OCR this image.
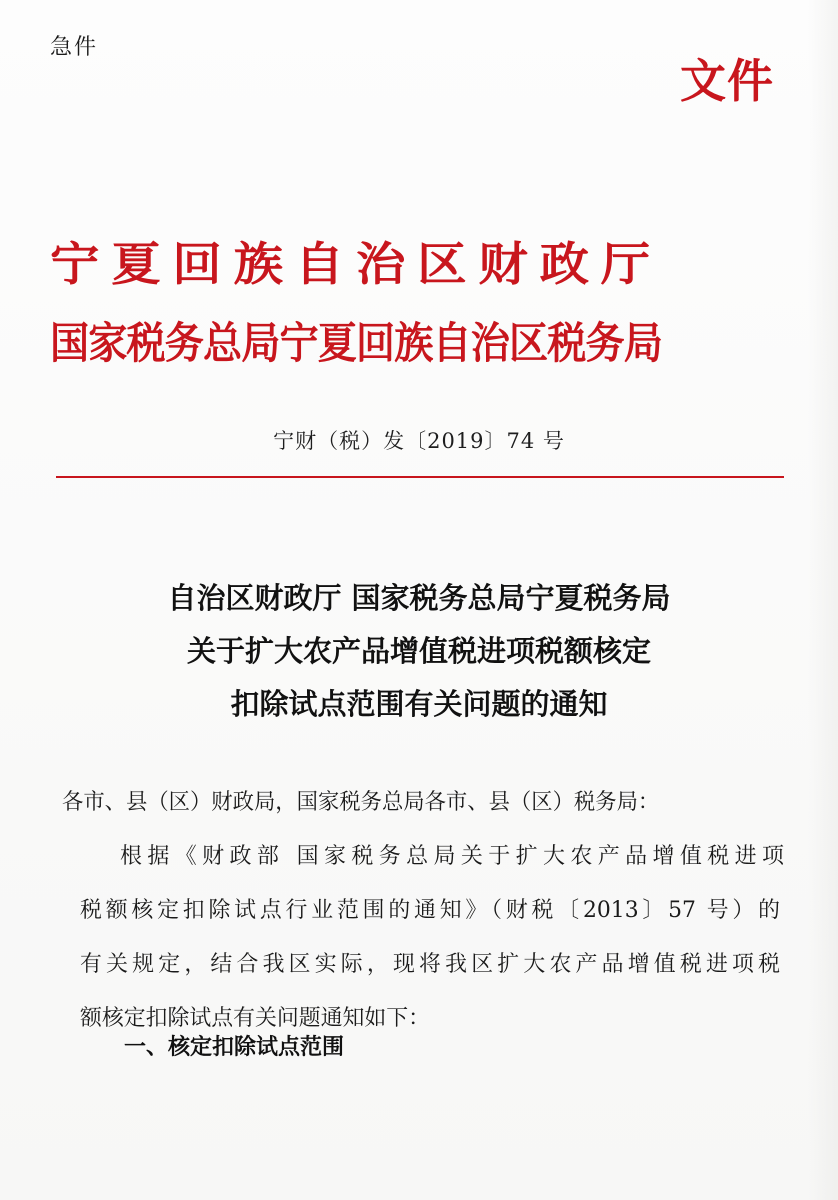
急件
宁夏回族自治区财政厅
国家税务总局宁夏回族自治区税务局
文件
宁财（税）发〔2019〕74 号
自治区财政厅 国家税务总局宁夏税务局
关于扩大农产品增值税进项税额核定
扣除试点范围有关问题的通知
各市、县（区）财政局，国家税务总局各市、县（区）税务局：
根据《财政部 国家税务总局关于扩大农产品增值税进项
税额核定扣除试点行业范围的通知》（财税〔2013〕57 号）的
有关规定，结合我区实际，现将我区扩大农产品增值税进项税
额核定扣除试点有关问题通知如下：
一、核定扣除试点范围
